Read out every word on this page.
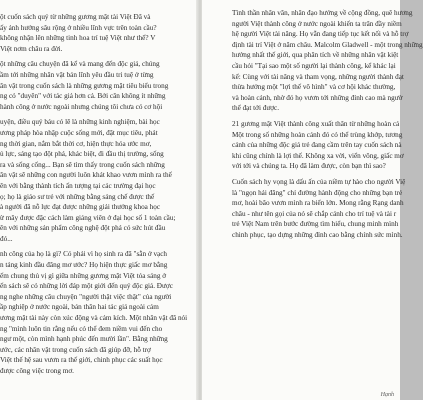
ột cuốn sách quý từ những gương mặt tài Việt Đã và
ấy ảnh hưởng sâu rộng ở nhiều lĩnh vực trên toàn cầu?
không nhận lên những tinh hoa trí tuệ Việt như thế? V
Việt nơm châu ra đời.
ột những câu chuyện đã kể và mang đến độc giả, chúng
ầm tới những nhân vật bản lĩnh yêu đầu tri tuệ ở từng
ân vật trong cuốn sách là những gương mặt tiêu biểu trong
ng có "duyên" với tác giả hơn cả. Bởi cân không ít những
hành công ở nước ngoài nhưng chúng tôi chưa có cơ hội
uyện, điều quý báu có lẽ là những kinh nghiệm, bài học
ương pháp hòa nhập cuộc sống mới, đặt mục tiêu, phát
ng thời gian, nắm bắt thời cơ, hiện thực hóa ước mơ,
ủ lực, sáng tạo đột phá, khác biệt, đi đầu thị trường, sống
ra và sống cống... Bạn sẽ tìm thấy trong cuốn sách những
ân vật sẽ những con người luôn khát khao vươn mình ra thế
ên với bằng thành tích ấn tượng tại các trường đại học
ọ; họ là giáo sư trẻ với những bằng sáng chế được thế
à người đã nỗ lực đạt được những giải thưởng khoa học
ừ mây được đặc cách làm giảng viên ở đại học số 1 toàn cầu;
ên với những sản phẩm công nghệ đột phá có sức hút đầu
đó...
nh công của họ là gì? Có phải vì họ sinh ra đã "sẵn ở vạch
n tảng kinh đầu đãng mơ ước? Họ hiện thực giấc mơ bằng
ếm chung thủ vị gì giữa những gương mặt Việt tỏa sáng ở
ến sách sẽ có những lời đáp một giới đến quý độc giả. Được
ng nghe những câu chuyện "người thật việc thật" của người
ầp nghiệp ở nước ngoài, bản thân hai tác giả ngoài cảm
ương mặt tài này còn xúc động và cảm kích. Một nhân vật đã nói
ng "mình luôn tin rằng nếu có thể đem niềm vui đến cho
ngư một, còn mình hạnh phúc đến mười lần". Bằng những
ước, các nhân vật trong cuốn sách đã giúp đỡ, hỗ trợ
Việt thế hệ sau vươn ra thế giới, chinh phục các suất học
được công việc trong mơ.
Tình thần nhân văn, nhân đạo hướng về cộng đồng, quê hương
người Việt thành công ở nước ngoài khiến ta trân đầy niềm
hệ người Việt tài năng. Họ vẫn đang tiếp tục kết nối và hỗ trợ
định tài trí Việt ở năm châu. Malcolm Gladwell - một trong những
hưởng nhất thế giới, qua phân tích về những nhân vật kiệt
cầu hỏi "Tại sao một số người lại thành công, kể khác lại
kể: Cùng với tài năng và tham vọng, những người thành đạt
thừa hưởng một "lợi thế vô hình" và cơ hội khác thường,
và hoàn cảnh, nhờ đó họ vươn tới những đỉnh cao mà ngườ
thể đạt tới được.
21 gương mặt Việt thành công xuất thân từ những hoàn cả
Một trong số những hoàn cảnh đó có thể trùng khớp, tương
cảnh của những độc giả trẻ đang cầm trên tay cuốn sách nà
khi cũng chính là lợi thế. Không xa vời, viển vông, giấc mơ
với tới và chúng ta. Họ đã làm được, còn bạn thì sao?
Cuốn sách hy vọng là dấu ấn của niềm tự hào cho người Việ
là "ngọn hải đăng" chỉ đường hành động cho những bạn trẻ
mơ, hoài bão vươn mình ra biển lớn. Mong rằng Rạng danh
châu - như tên gọi của nó sẽ chắp cánh cho trí tuệ và tài r
trẻ Việt Nam trên bước đường tìm hiểu, chung minh mình
chinh phục, tạo dựng những đỉnh cao bằng chính sức mình.
Hạnh
